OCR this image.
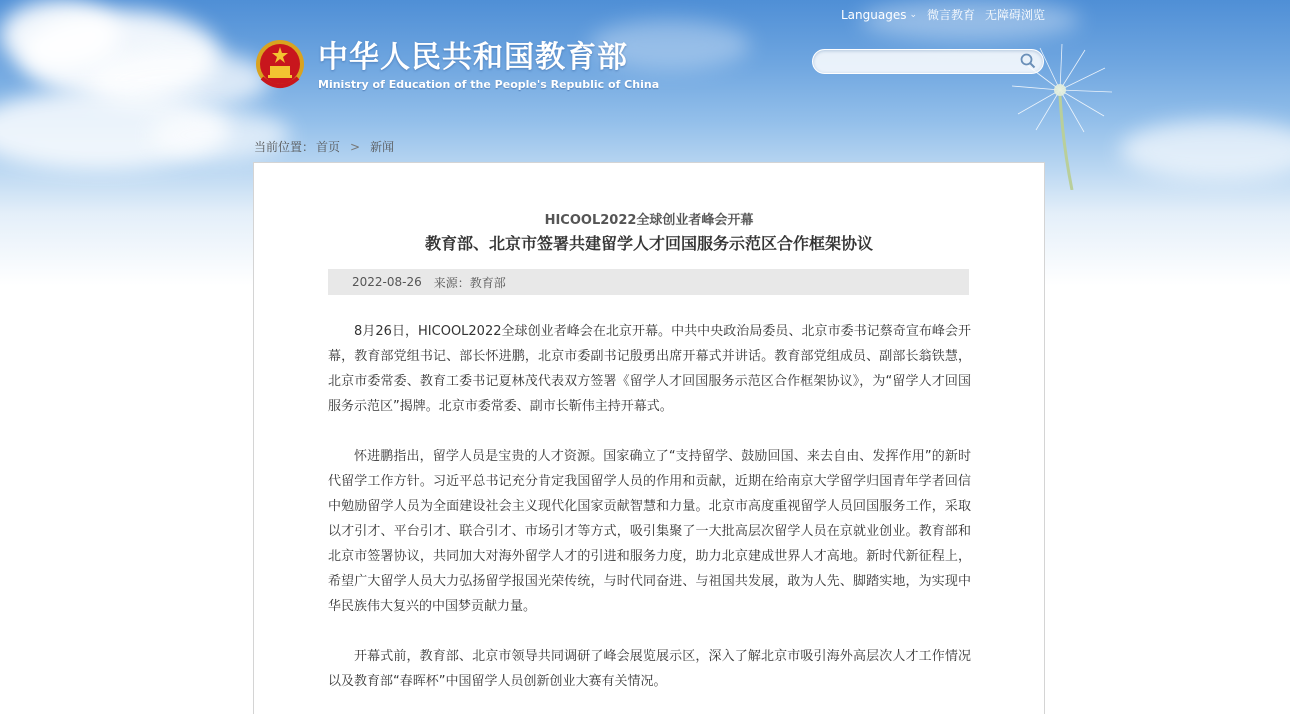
Languages ⌄ 微言教育 无障碍浏览
中华人民共和国教育部
Ministry of Education of the People's Republic of China
当前位置： 首页 > 新闻
HICOOL2022全球创业者峰会开幕
教育部、北京市签署共建留学人才回国服务示范区合作框架协议
2022-08-26 来源：教育部

8月26日，HICOOL2022全球创业者峰会在北京开幕。中共中央政治局委员、北京市委书记蔡奇宣布峰会开幕，教育部党组书记、部长怀进鹏，北京市委副书记殷勇出席开幕式并讲话。教育部党组成员、副部长翁铁慧，北京市委常委、教育工委书记夏林茂代表双方签署《留学人才回国服务示范区合作框架协议》，为“留学人才回国服务示范区”揭牌。北京市委常委、副市长靳伟主持开幕式。

怀进鹏指出，留学人员是宝贵的人才资源。国家确立了“支持留学、鼓励回国、来去自由、发挥作用”的新时代留学工作方针。习近平总书记充分肯定我国留学人员的作用和贡献，近期在给南京大学留学归国青年学者回信中勉励留学人员为全面建设社会主义现代化国家贡献智慧和力量。北京市高度重视留学人员回国服务工作，采取以才引才、平台引才、联合引才、市场引才等方式，吸引集聚了一大批高层次留学人员在京就业创业。教育部和北京市签署协议，共同加大对海外留学人才的引进和服务力度，助力北京建成世界人才高地。新时代新征程上，希望广大留学人员大力弘扬留学报国光荣传统，与时代同奋进、与祖国共发展，敢为人先、脚踏实地，为实现中华民族伟大复兴的中国梦贡献力量。

开幕式前，教育部、北京市领导共同调研了峰会展览展示区，深入了解北京市吸引海外高层次人才工作情况以及教育部“春晖杯”中国留学人员创新创业大赛有关情况。
